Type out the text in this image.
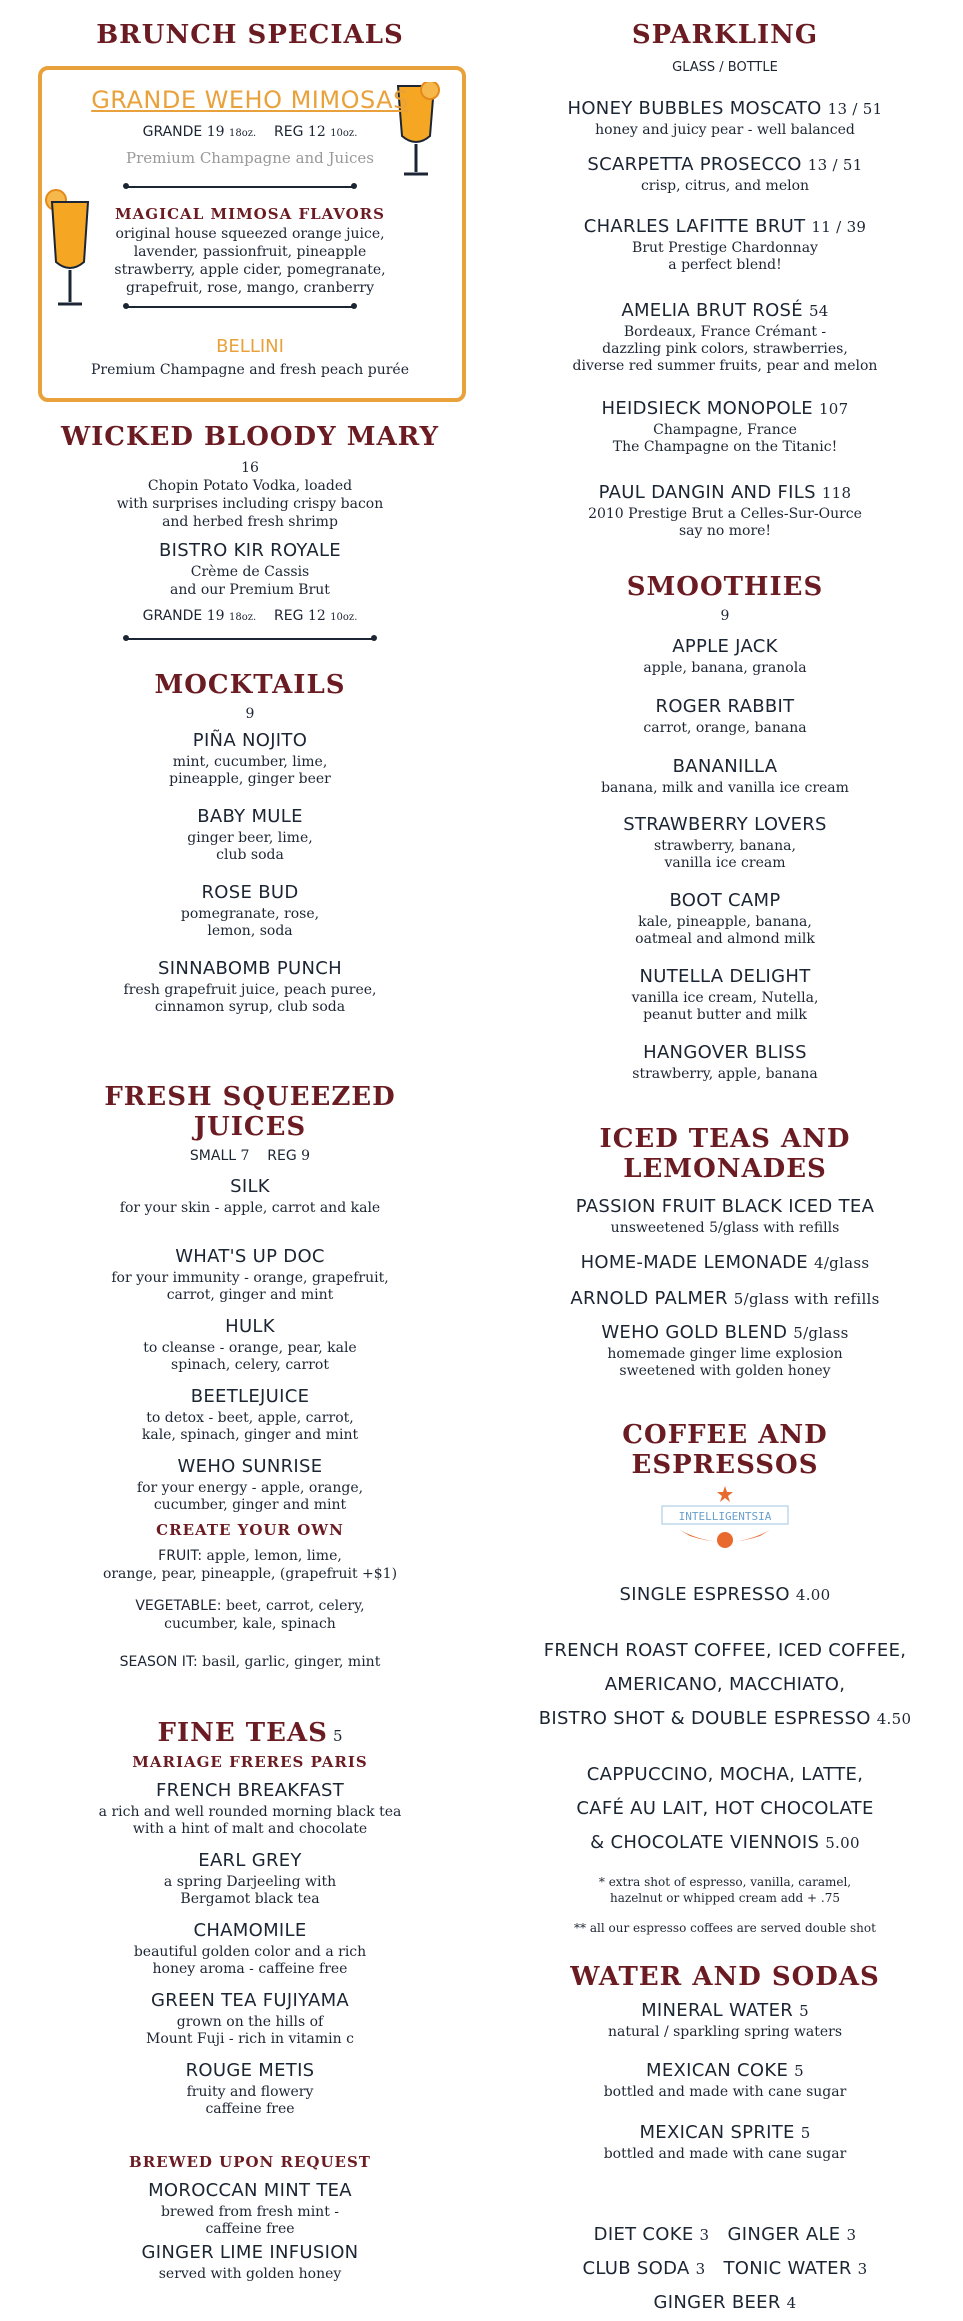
BRUNCH SPECIALS
GRANDE WEHO MIMOSAS
GRANDE 19 18oz. REG 12 10oz.
Premium Champagne and Juices
MAGICAL MIMOSA FLAVORS
original house squeezed orange juice,
lavender, passionfruit, pineapple
strawberry, apple cider, pomegranate,
grapefruit, rose, mango, cranberry
BELLINI
Premium Champagne and fresh peach purée
WICKED BLOODY MARY
16
Chopin Potato Vodka, loaded
with surprises including crispy bacon
and herbed fresh shrimp
BISTRO KIR ROYALE
Crème de Cassis
and our Premium Brut
GRANDE 19 18oz. REG 12 10oz.
MOCKTAILS
9
PIÑA NOJITO
mint, cucumber, lime,
pineapple, ginger beer
BABY MULE
ginger beer, lime,
club soda
ROSE BUD
pomegranate, rose,
lemon, soda
SINNABOMB PUNCH
fresh grapefruit juice, peach puree,
cinnamon syrup, club soda
FRESH SQUEEZED
JUICES
SMALL 7 REG 9
SILK
for your skin - apple, carrot and kale
WHAT'S UP DOC
for your immunity - orange, grapefruit,
carrot, ginger and mint
HULK
to cleanse - orange, pear, kale
spinach, celery, carrot
BEETLEJUICE
to detox - beet, apple, carrot,
kale, spinach, ginger and mint
WEHO SUNRISE
for your energy - apple, orange,
cucumber, ginger and mint
CREATE YOUR OWN
FRUIT: apple, lemon, lime,
orange, pear, pineapple, (grapefruit +$1)
VEGETABLE: beet, carrot, celery,
cucumber, kale, spinach
SEASON IT: basil, garlic, ginger, mint
FINE TEAS 5
MARIAGE FRERES PARIS
FRENCH BREAKFAST
a rich and well rounded morning black tea
with a hint of malt and chocolate
EARL GREY
a spring Darjeeling with
Bergamot black tea
CHAMOMILE
beautiful golden color and a rich
honey aroma - caffeine free
GREEN TEA FUJIYAMA
grown on the hills of
Mount Fuji - rich in vitamin c
ROUGE METIS
fruity and flowery
caffeine free
BREWED UPON REQUEST
MOROCCAN MINT TEA
brewed from fresh mint -
caffeine free
GINGER LIME INFUSION
served with golden honey
SPARKLING
GLASS / BOTTLE
HONEY BUBBLES MOSCATO 13 / 51
honey and juicy pear - well balanced
SCARPETTA PROSECCO 13 / 51
crisp, citrus, and melon
CHARLES LAFITTE BRUT 11 / 39
Brut Prestige Chardonnay
a perfect blend!
AMELIA BRUT ROSÉ 54
Bordeaux, France Crémant -
dazzling pink colors, strawberries,
diverse red summer fruits, pear and melon
HEIDSIECK MONOPOLE 107
Champagne, France
The Champagne on the Titanic!
PAUL DANGIN AND FILS 118
2010 Prestige Brut a Celles-Sur-Ource
say no more!
SMOOTHIES
9
APPLE JACK
apple, banana, granola
ROGER RABBIT
carrot, orange, banana
BANANILLA
banana, milk and vanilla ice cream
STRAWBERRY LOVERS
strawberry, banana,
vanilla ice cream
BOOT CAMP
kale, pineapple, banana,
oatmeal and almond milk
NUTELLA DELIGHT
vanilla ice cream, Nutella,
peanut butter and milk
HANGOVER BLISS
strawberry, apple, banana
ICED TEAS AND
LEMONADES
PASSION FRUIT BLACK ICED TEA
unsweetened 5/glass with refills
HOME-MADE LEMONADE 4/glass
ARNOLD PALMER 5/glass with refills
WEHO GOLD BLEND 5/glass
homemade ginger lime explosion
sweetened with golden honey
COFFEE AND
ESPRESSOS
INTELLIGENTSIA
SINGLE ESPRESSO 4.00
FRENCH ROAST COFFEE, ICED COFFEE,
AMERICANO, MACCHIATO,
BISTRO SHOT & DOUBLE ESPRESSO 4.50
CAPPUCCINO, MOCHA, LATTE,
CAFÉ AU LAIT, HOT CHOCOLATE
& CHOCOLATE VIENNOIS 5.00
* extra shot of espresso, vanilla, caramel,
hazelnut or whipped cream add + .75
** all our espresso coffees are served double shot
WATER AND SODAS
MINERAL WATER 5
natural / sparkling spring waters
MEXICAN COKE 5
bottled and made with cane sugar
MEXICAN SPRITE 5
bottled and made with cane sugar
DIET COKE 3 GINGER ALE 3
CLUB SODA 3 TONIC WATER 3
GINGER BEER 4
